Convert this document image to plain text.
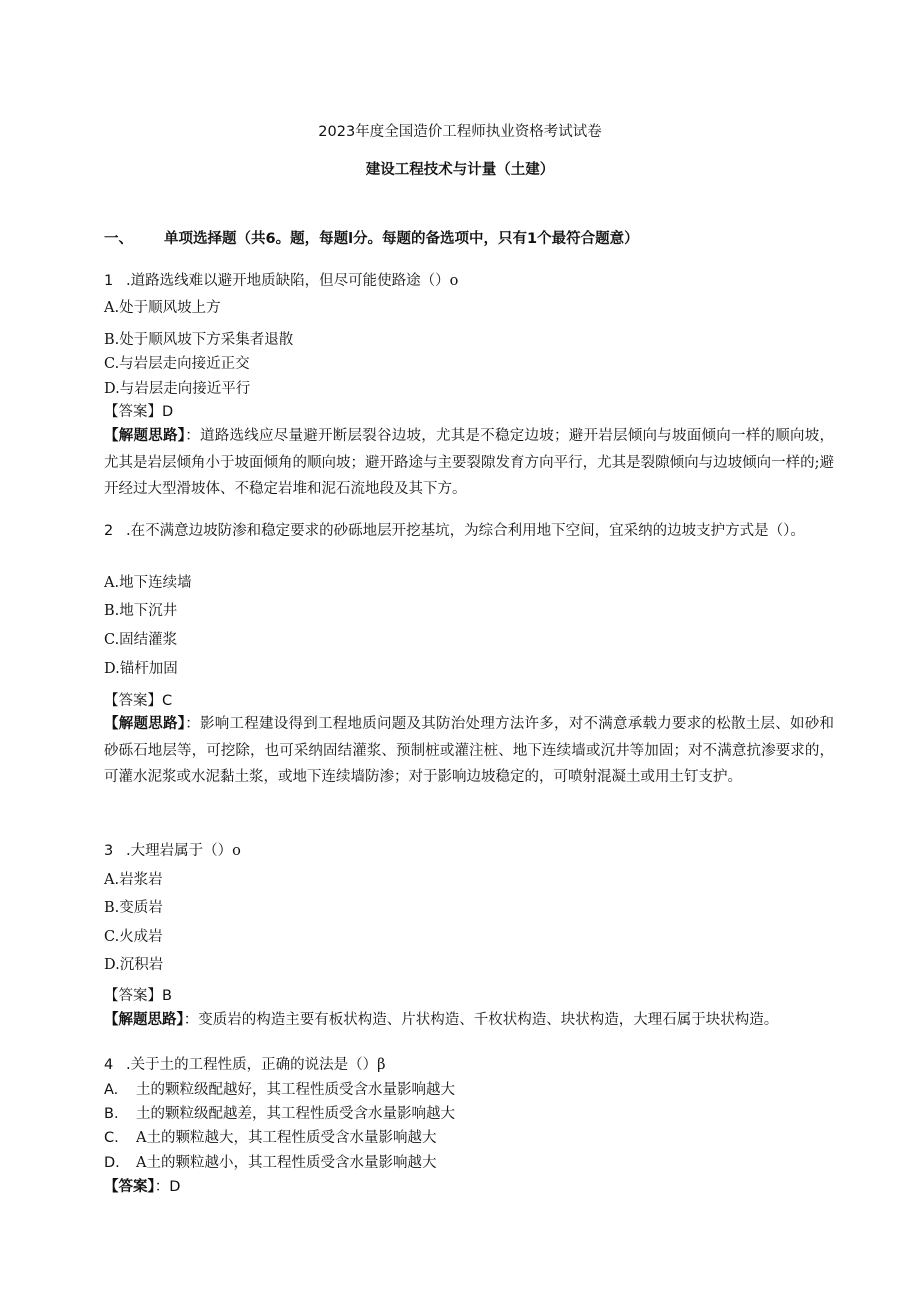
2023年度全国造价工程师执业资格考试试卷
建设工程技术与计量（土建）
一、 单项选择题（共6。题，每题l分。每题的备选项中，只有1个最符合题意）
1 .道路选线难以避开地质缺陷，但尽可能使路途（）o
A.处于顺风坡上方
B.处于顺风坡下方采集者退散
C.与岩层走向接近正交
D.与岩层走向接近平行
【答案】D
【解题思路】：道路选线应尽量避开断层裂谷边坡，尤其是不稳定边坡；避开岩层倾向与坡面倾向一样的顺向坡，尤其是岩层倾角小于坡面倾角的顺向坡；避开路途与主要裂隙发育方向平行，尤其是裂隙倾向与边坡倾向一样的;避开经过大型滑坡体、不稳定岩堆和泥石流地段及其下方。
2 .在不满意边坡防渗和稳定要求的砂砾地层开挖基坑，为综合利用地下空间，宜采纳的边坡支护方式是（）。
A.地下连续墙
B.地下沉井
C.固结灌浆
D.锚杆加固
【答案】C
【解题思路】：影响工程建设得到工程地质问题及其防治处理方法许多，对不满意承载力要求的松散土层、如砂和砂砾石地层等，可挖除，也可采纳固结灌浆、预制桩或灌注桩、地下连续墙或沉井等加固；对不满意抗渗要求的，可灌水泥浆或水泥黏土浆，或地下连续墙防渗；对于影响边坡稳定的，可喷射混凝土或用土钉支护。
3 .大理岩属于（）o
A.岩浆岩
B.变质岩
C.火成岩
D.沉积岩
【答案】B
【解题思路】：变质岩的构造主要有板状构造、片状构造、千枚状构造、块状构造，大理石属于块状构造。
4 .关于土的工程性质，正确的说法是（）β
A. 土的颗粒级配越好，其工程性质受含水量影响越大
B. 土的颗粒级配越差，其工程性质受含水量影响越大
C. A土的颗粒越大，其工程性质受含水量影响越大
D. A土的颗粒越小，其工程性质受含水量影响越大
【答案】：D
